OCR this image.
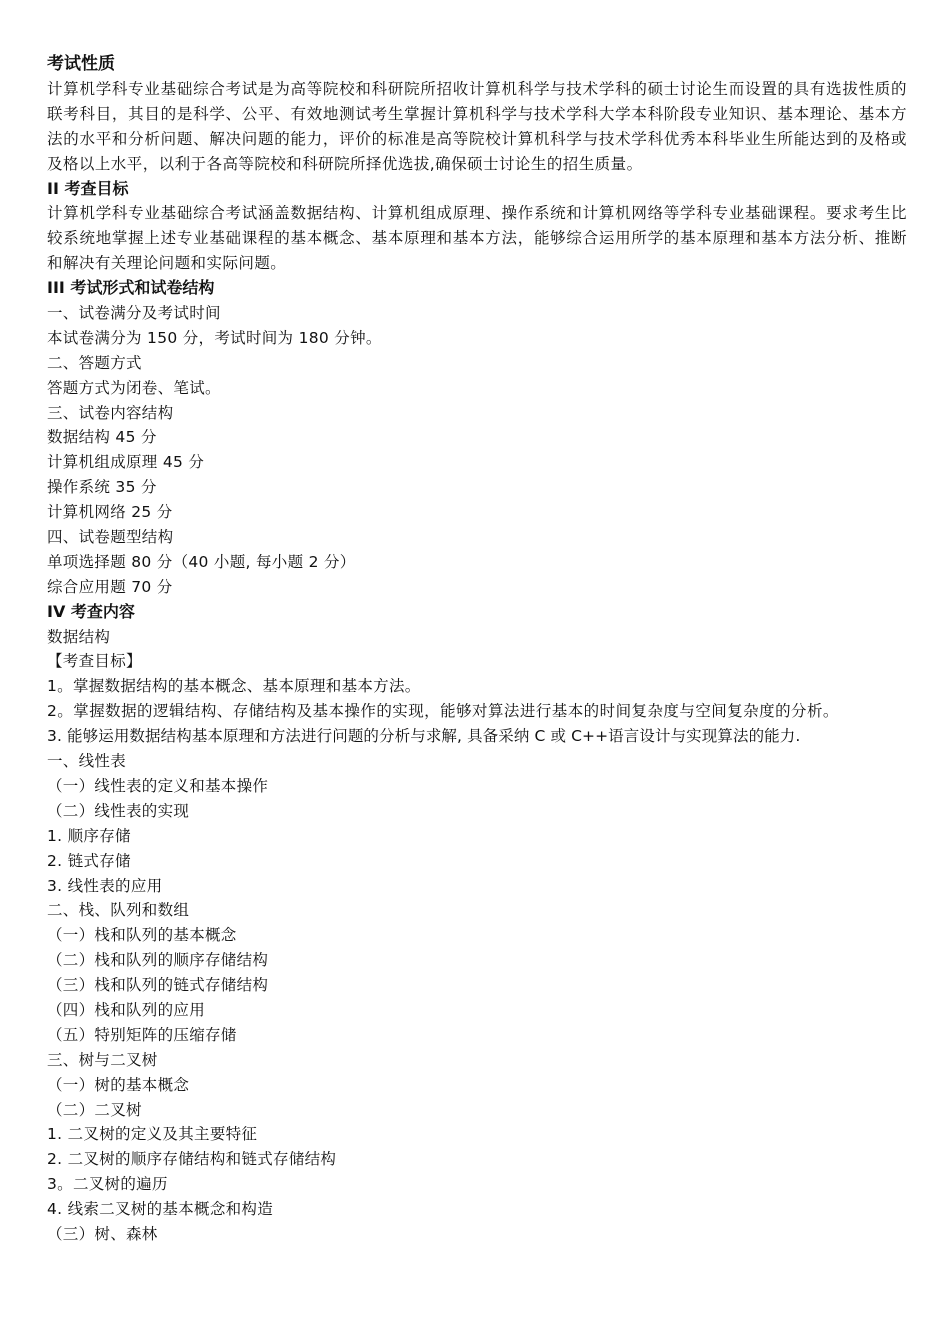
考试性质
计算机学科专业基础综合考试是为高等院校和科研院所招收计算机科学与技术学科的硕士讨论生而设置的具有选拔性质的联考科目，其目的是科学、公平、有效地测试考生掌握计算机科学与技术学科大学本科阶段专业知识、基本理论、基本方法的水平和分析问题、解决问题的能力，评价的标准是高等院校计算机科学与技术学科优秀本科毕业生所能达到的及格或及格以上水平，以利于各高等院校和科研院所择优选拔,确保硕士讨论生的招生质量。
II 考查目标
计算机学科专业基础综合考试涵盖数据结构、计算机组成原理、操作系统和计算机网络等学科专业基础课程。要求考生比较系统地掌握上述专业基础课程的基本概念、基本原理和基本方法，能够综合运用所学的基本原理和基本方法分析、推断和解决有关理论问题和实际问题。
III 考试形式和试卷结构
一、试卷满分及考试时间
本试卷满分为 150 分，考试时间为 180 分钟。
二、答题方式
答题方式为闭卷、笔试。
三、试卷内容结构
数据结构 45 分
计算机组成原理 45 分
操作系统 35 分
计算机网络 25 分
四、试卷题型结构
单项选择题 80 分（40 小题, 每小题 2 分）
综合应用题 70 分
IV 考查内容
数据结构
【考查目标】
1。掌握数据结构的基本概念、基本原理和基本方法。
2。掌握数据的逻辑结构、存储结构及基本操作的实现，能够对算法进行基本的时间复杂度与空间复杂度的分析。
3. 能够运用数据结构基本原理和方法进行问题的分析与求解, 具备采纳 C 或 C++语言设计与实现算法的能力.
一、线性表
（一）线性表的定义和基本操作
（二）线性表的实现
1. 顺序存储
2. 链式存储
3. 线性表的应用
二、栈、队列和数组
（一）栈和队列的基本概念
（二）栈和队列的顺序存储结构
（三）栈和队列的链式存储结构
（四）栈和队列的应用
（五）特别矩阵的压缩存储
三、树与二叉树
（一）树的基本概念
（二）二叉树
1. 二叉树的定义及其主要特征
2. 二叉树的顺序存储结构和链式存储结构
3。二叉树的遍历
4. 线索二叉树的基本概念和构造
（三）树、森林
